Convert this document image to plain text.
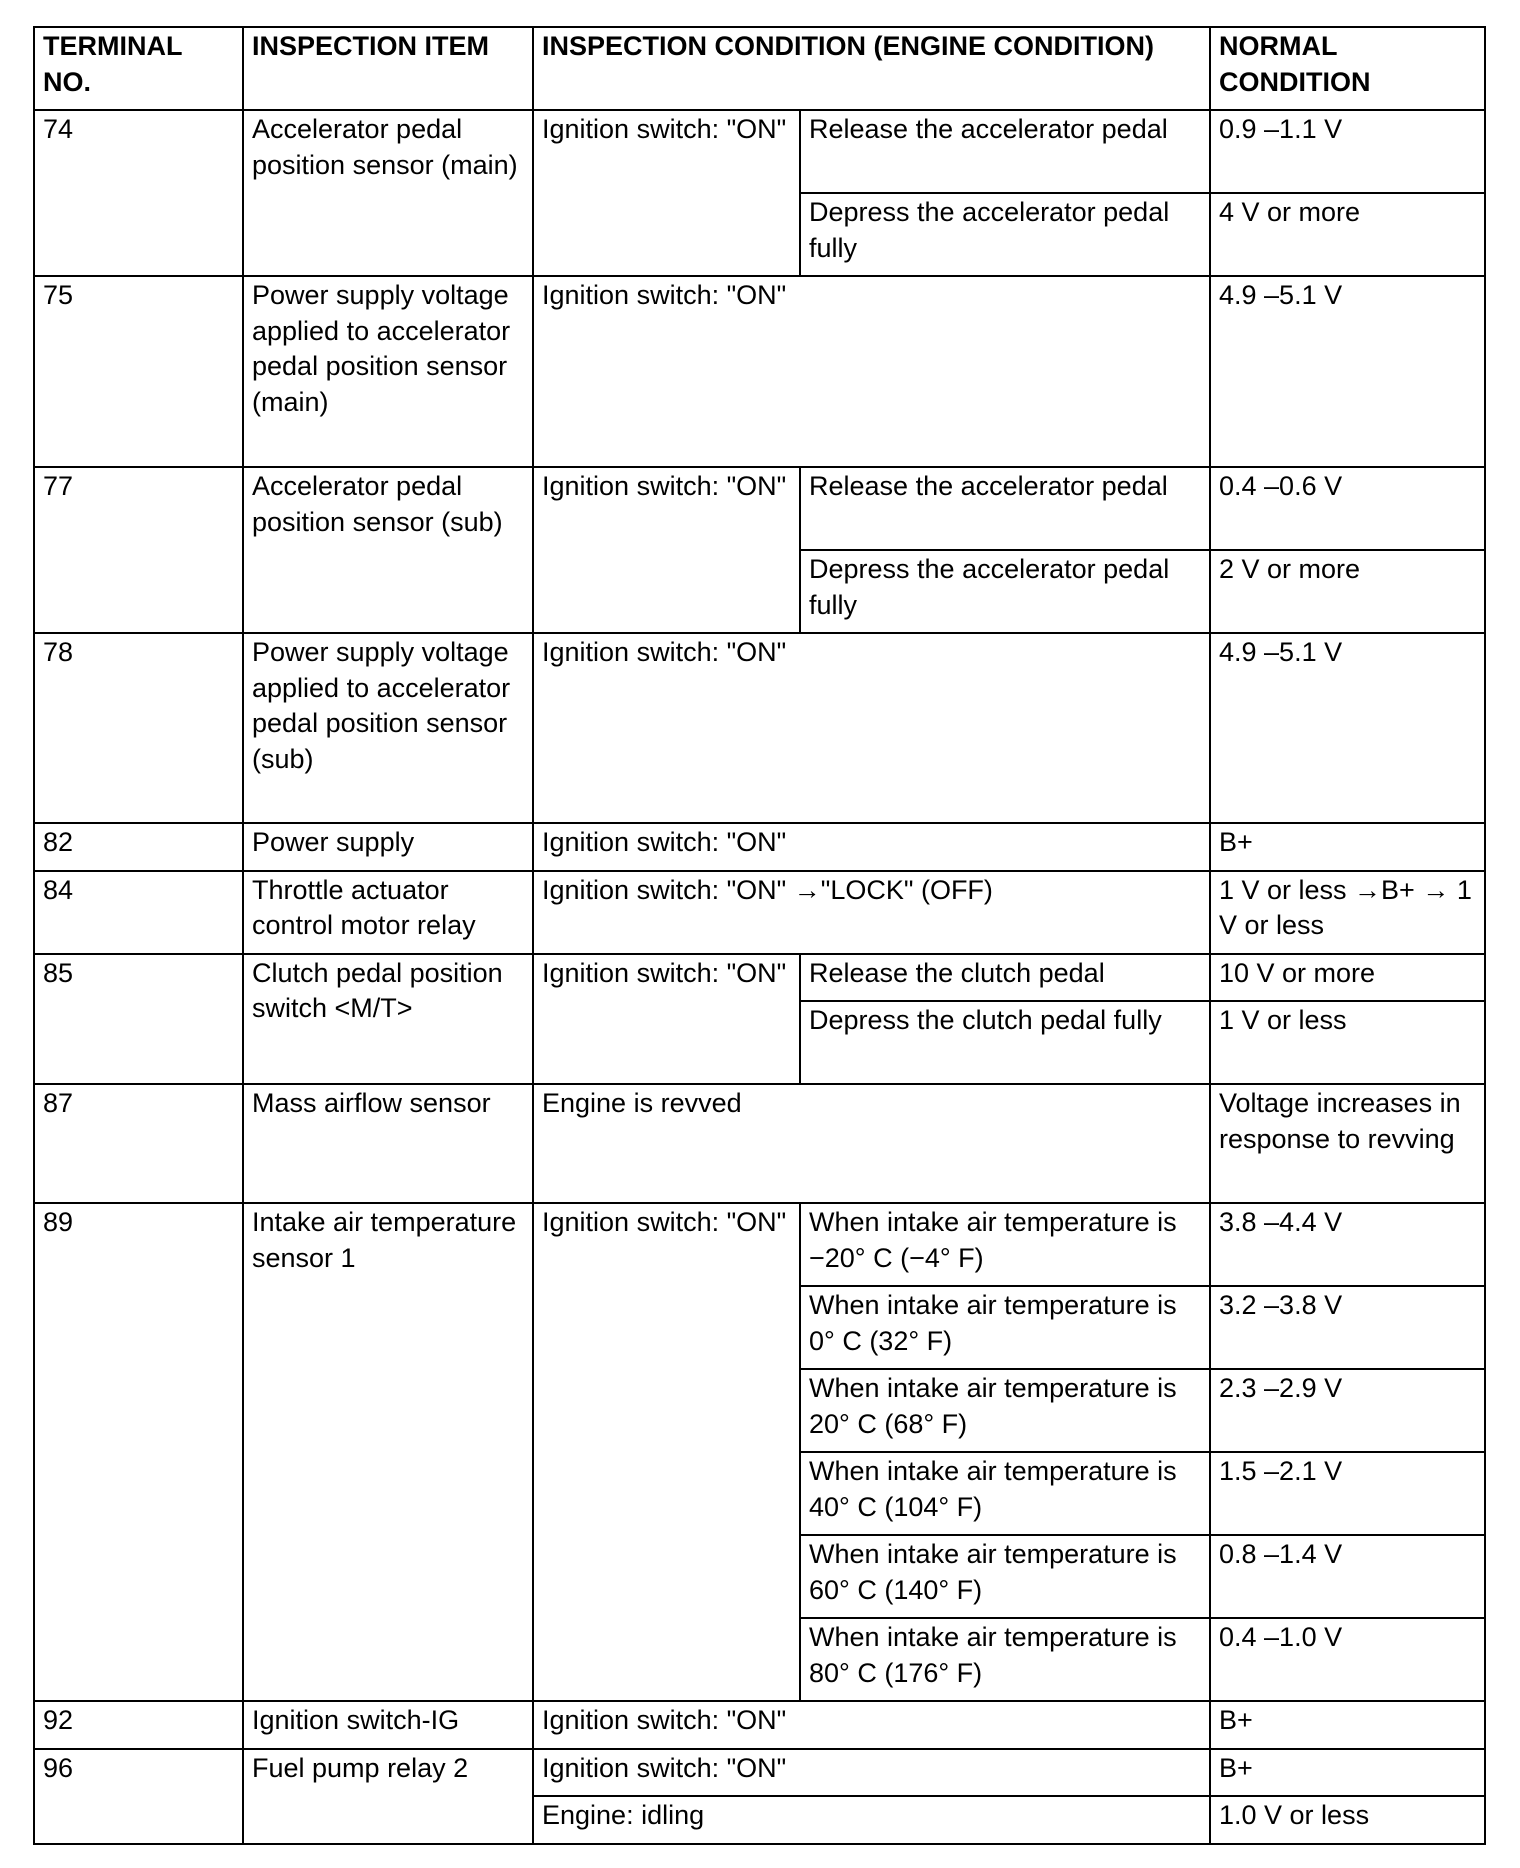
TERMINAL NO.	INSPECTION ITEM	INSPECTION CONDITION (ENGINE CONDITION)		NORMAL CONDITION
74	Accelerator pedal position sensor (main)	Ignition switch: "ON"	Release the accelerator pedal	0.9 –1.1 V
			Depress the accelerator pedal fully	4 V or more
75	Power supply voltage applied to accelerator pedal position sensor (main)	Ignition switch: "ON"		4.9 –5.1 V
77	Accelerator pedal position sensor (sub)	Ignition switch: "ON"	Release the accelerator pedal	0.4 –0.6 V
			Depress the accelerator pedal fully	2 V or more
78	Power supply voltage applied to accelerator pedal position sensor (sub)	Ignition switch: "ON"		4.9 –5.1 V
82	Power supply	Ignition switch: "ON"		B+
84	Throttle actuator control motor relay	Ignition switch: "ON" →"LOCK" (OFF)		1 V or less →B+ → 1 V or less
85	Clutch pedal position switch <M/T>	Ignition switch: "ON"	Release the clutch pedal	10 V or more
			Depress the clutch pedal fully	1 V or less
87	Mass airflow sensor	Engine is revved		Voltage increases in response to revving
89	Intake air temperature sensor 1	Ignition switch: "ON"	When intake air temperature is −20° C (−4° F)	3.8 –4.4 V
			When intake air temperature is 0° C (32° F)	3.2 –3.8 V
			When intake air temperature is 20° C (68° F)	2.3 –2.9 V
			When intake air temperature is 40° C (104° F)	1.5 –2.1 V
			When intake air temperature is 60° C (140° F)	0.8 –1.4 V
			When intake air temperature is 80° C (176° F)	0.4 –1.0 V
92	Ignition switch-IG	Ignition switch: "ON"		B+
96	Fuel pump relay 2	Ignition switch: "ON"		B+
		Engine: idling		1.0 V or less
